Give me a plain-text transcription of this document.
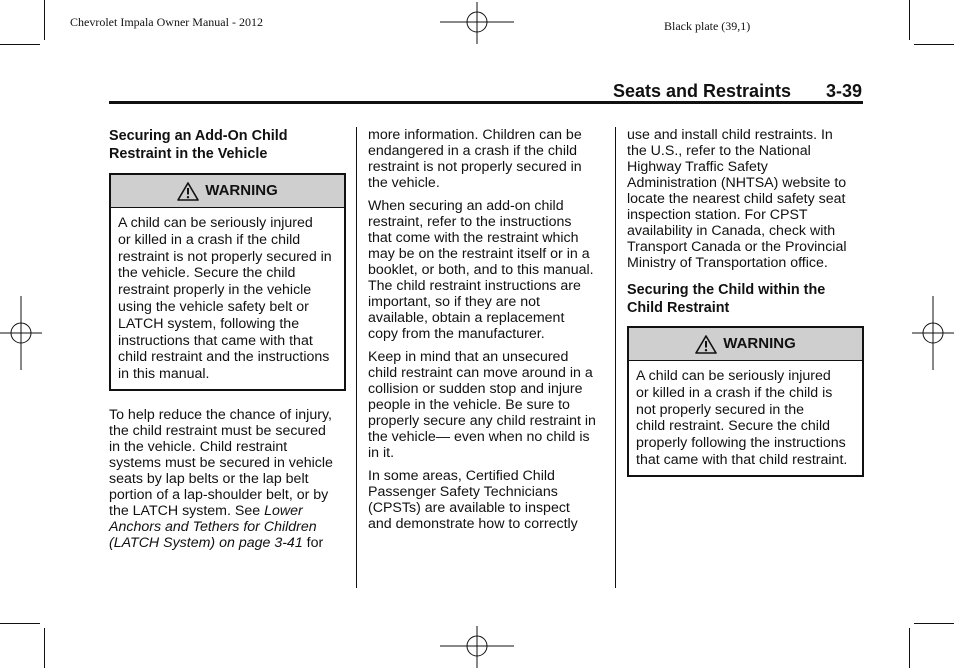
Chevrolet Impala Owner Manual - 2012	Black plate (39,1)
Seats and Restraints 3-39
Securing an Add-On Child
Restraint in the Vehicle
WARNING
A child can be seriously injured
or killed in a crash if the child
restraint is not properly secured in
the vehicle. Secure the child
restraint properly in the vehicle
using the vehicle safety belt or
LATCH system, following the
instructions that came with that
child restraint and the instructions
in this manual.

To help reduce the chance of injury,
the child restraint must be secured
in the vehicle. Child restraint
systems must be secured in vehicle
seats by lap belts or the lap belt
portion of a lap-shoulder belt, or by
the LATCH system. See Lower
Anchors and Tethers for Children
(LATCH System) on page 3-41 for

more information. Children can be
endangered in a crash if the child
restraint is not properly secured in
the vehicle.

When securing an add-on child
restraint, refer to the instructions
that come with the restraint which
may be on the restraint itself or in a
booklet, or both, and to this manual.
The child restraint instructions are
important, so if they are not
available, obtain a replacement
copy from the manufacturer.

Keep in mind that an unsecured
child restraint can move around in a
collision or sudden stop and injure
people in the vehicle. Be sure to
properly secure any child restraint in
the vehicle— even when no child is
in it.

In some areas, Certified Child
Passenger Safety Technicians
(CPSTs) are available to inspect
and demonstrate how to correctly

use and install child restraints. In
the U.S., refer to the National
Highway Traffic Safety
Administration (NHTSA) website to
locate the nearest child safety seat
inspection station. For CPST
availability in Canada, check with
Transport Canada or the Provincial
Ministry of Transportation office.

Securing the Child within the
Child Restraint
WARNING
A child can be seriously injured
or killed in a crash if the child is
not properly secured in the
child restraint. Secure the child
properly following the instructions
that came with that child restraint.
